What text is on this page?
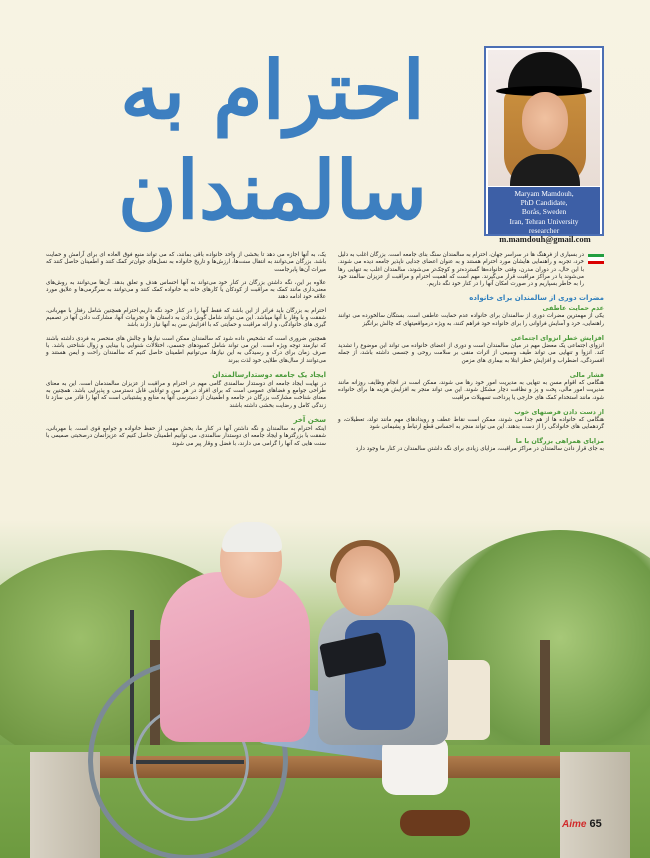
احترام به
سالمندان	Maryam Mamdouh,
PhD Candidate,
Borås, Sweden
Iran, Tehran University
researcher
m.mamdouh@gmail.com

در بسیاری از فرهنگ ها در سراسر جهان، احترام به سالمندان سنگ بنای جامعه است. بزرگان اغلب به دلیل خرد، تجربه و راهنمایی هایشان مورد احترام هستند و به عنوان اعضای جدایی ناپذیر جامعه دیده می شوند. با این حال، در دوران مدرن، وقتی خانواده‌ها گسترده‌تر و کوچک‌تر می‌شوند، سالمندان اغلب به تنهایی رها می‌شوند یا در مراکز مراقبت قرار می‌گیرند. مهم است که اهمیت احترام و مراقبت از عزیزان سالمند خود را به خاطر بسپاریم و در صورت امکان آنها را در کنار خود نگه داریم.

مضرات دوری از سالمندان برای خانواده
عدم حمایت عاطفی

یکی از مهمترین مضرات دوری از سالمندان برای خانواده عدم حمایت عاطفی است. بستگان سالخورده می توانند راهنمایی، خرد و آسایش فراوانی را برای خانواده خود فراهم کنند، به ویژه درمواقعیتهای که چالش برانگیز

افزایش خطر انزوای اجتماعی

انزوای اجتماعی یک معضل مهم در میان سالمندان است و دوری از اعضای خانواده می تواند این موضوع را تشدید کند. انزوا و تنهایی می تواند طیف وسیعی از اثرات منفی بر سلامت روحی و جسمی داشته باشد، از جمله افسردگی، اضطراب و افزایش خطر ابتلا به بیماری های مزمن

فشار مالی

هنگامی که اقوام مسن به تنهایی به مدیریت امور خود رها می شوند، ممکن است در انجام وظایف روزانه مانند مدیریت امور مالی، پخت و پز و نظافت دچار مشکل شوند. این می تواند منجر به افزایش هزینه ها برای خانواده شود، مانند استخدام کمک های خارجی یا پرداخت تسهیلات مراقبت

از دست دادن فرصتهای خوب

هنگامی که خانواده ها از هم جدا می شوند، ممکن است نقاط عطف و رویدادهای مهم مانند تولد، تعطیلات، و گردهمایی های خانوادگی را از دست بدهند. این می تواند منجر به احساس قطع ارتباط و پشیمانی شود

مزایای همراهی بزرگان با ما

به جای قرار دادن سالمندان در مراکز مراقبت، مزایای زیادی برای نگه داشتن سالمندان در کنار ما وجود دارد

یک، به آنها اجازه می دهد تا بخشی از واحد خانواده باقی بمانند، که می تواند منبع فوق العاده ای برای آرامش و حمایت باشد. بزرگان می‌توانند به انتقال سنت‌ها، ارزش‌ها و تاریخ خانواده به نسل‌های جوان‌تر کمک کنند و اطمینان حاصل کنند که میراث آن‌ها پابرجاست

علاوه بر این، نگه داشتن بزرگان در کنار خود می‌تواند به آنها احساس هدف و تعلق بدهد. آن‌ها می‌توانند به روش‌های معنی‌داری مانند کمک به مراقبت از کودکان یا کارهای خانه به خانواده کمک کنند و می‌توانند به سرگرمی‌ها و علایق مورد علاقه خود ادامه دهند

احترام به بزرگان باید فراتر از این باشد که فقط آنها را در کنار خود نگه داریم.احترام همچنین شامل رفتار با مهربانی، شفقت و با وقار با آنها میباشد. این می تواند شامل گوش دادن به داستان ها و تجربیات آنها، مشارکت دادن آنها در تصمیم گیری های خانوادگی، و ارائه مراقبت و حمایتی که با افزایش سن به آنها نیاز دارند باشد

همچنین ضروری است که تشخیص داده شود که سالمندان ممکن است نیازها و چالش های منحصر به فردی داشته باشند که نیازمند توجه ویژه است. این می تواند شامل کمبودهای جسمی، اختلالات شنوایی یا بینایی و زوال شناختی باشد. با صرف زمان برای درک و رسیدگی به این نیازها، می‌توانیم اطمینان حاصل کنیم که سالمندان راحت و ایمن هستند و می‌توانند از سال‌های طلایی خود لذت ببرند

ایجاد یک جامعه دوستدارسالمندان

در نهایت ایجاد جامعه ای دوستدار سالمندی گامی مهم در احترام و مراقبت از عزیزان سالمندمان است. این به معنای طراحی جوامع و فضاهای عمومی است که برای افراد در هر سن و توانایی قابل دسترسی و پذیرایی باشد. همچنین به معنای شناخت مشارکت بزرگان در جامعه و اطمینان از دسترسی آنها به منابع و پشتیبانی است که آنها را قادر می سازد تا زندگی کامل و رضایت بخشی داشته باشند

سخن آخر

اینکه احترام به سالمندان و نگه داشتن آنها در کنار ما، بخش مهمی از حفظ خانواده و جوامع قوی است. با مهربانی، شفقت با بزرگترها و ایجاد جامعه ای دوستدار سالمندی، می توانیم اطمینان حاصل کنیم که عزیزانمان درصحبتی صمیمی با سنت هایی که آنها را گرامی می دارند، با فضل و وقار پیر می شوند

Aime 65
